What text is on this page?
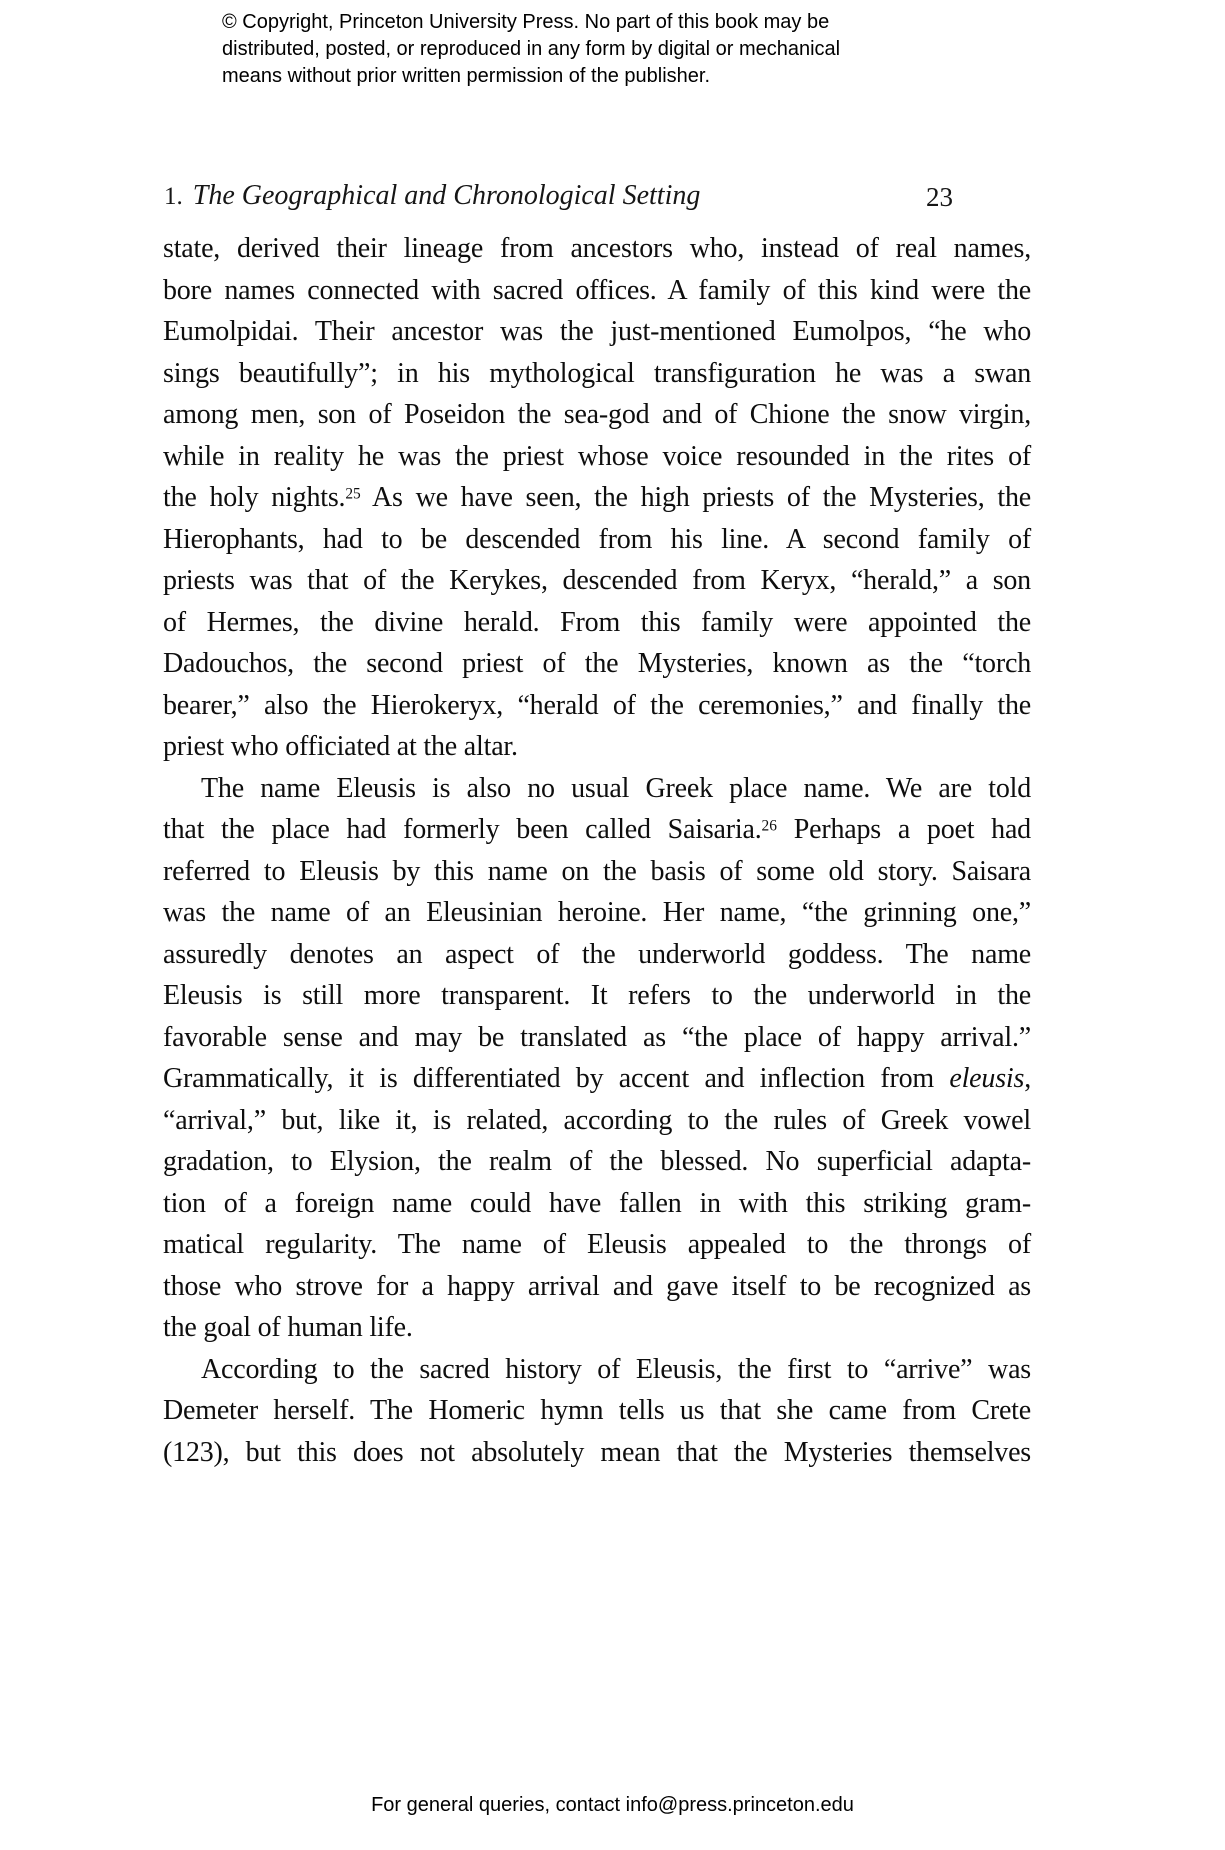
© Copyright, Princeton University Press. No part of this book may be
distributed, posted, or reproduced in any form by digital or mechanical
means without prior written permission of the publisher.
1. The Geographical and Chronological Setting	23
state, derived their lineage from ancestors who, instead of real names,
bore names connected with sacred offices. A family of this kind were the
Eumolpidai. Their ancestor was the just-mentioned Eumolpos, “he who
sings beautifully”; in his mythological transfiguration he was a swan
among men, son of Poseidon the sea-god and of Chione the snow virgin,
while in reality he was the priest whose voice resounded in the rites of
the holy nights.$^{25}$ As we have seen, the high priests of the Mysteries, the
Hierophants, had to be descended from his line. A second family of
priests was that of the Kerykes, descended from Keryx, “herald,” a son
of Hermes, the divine herald. From this family were appointed the
Dadouchos, the second priest of the Mysteries, known as the “torch
bearer,” also the Hierokeryx, “herald of the ceremonies,” and finally the
priest who officiated at the altar.
The name Eleusis is also no usual Greek place name. We are told
that the place had formerly been called Saisaria.$^{26}$ Perhaps a poet had
referred to Eleusis by this name on the basis of some old story. Saisara
was the name of an Eleusinian heroine. Her name, “the grinning one,”
assuredly denotes an aspect of the underworld goddess. The name
Eleusis is still more transparent. It refers to the underworld in the
favorable sense and may be translated as “the place of happy arrival.”
Grammatically, it is differentiated by accent and inflection from eleusis,
“arrival,” but, like it, is related, according to the rules of Greek vowel
gradation, to Elysion, the realm of the blessed. No superficial adapta-
tion of a foreign name could have fallen in with this striking gram-
matical regularity. The name of Eleusis appealed to the throngs of
those who strove for a happy arrival and gave itself to be recognized as
the goal of human life.
According to the sacred history of Eleusis, the first to “arrive” was
Demeter herself. The Homeric hymn tells us that she came from Crete
(123), but this does not absolutely mean that the Mysteries themselves
For general queries, contact info@press.princeton.edu
